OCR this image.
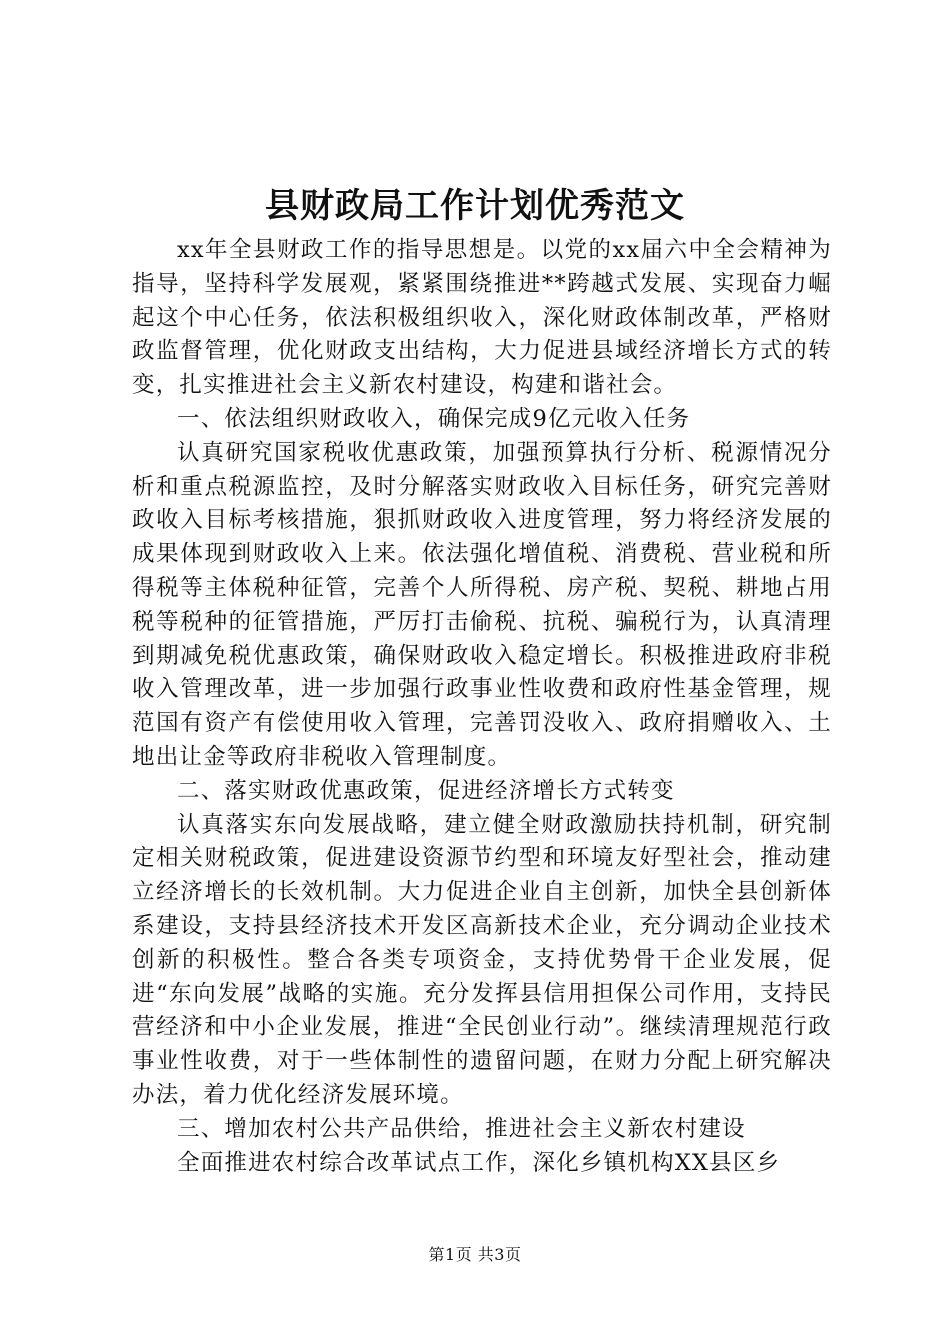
县财政局工作计划优秀范文

xx年全县财政工作的指导思想是。以党的xx届六中全会精神为指导，坚持科学发展观，紧紧围绕推进**跨越式发展、实现奋力崛起这个中心任务，依法积极组织收入，深化财政体制改革，严格财政监督管理，优化财政支出结构，大力促进县域经济增长方式的转变，扎实推进社会主义新农村建设，构建和谐社会。

一、依法组织财政收入，确保完成9亿元收入任务

认真研究国家税收优惠政策，加强预算执行分析、税源情况分析和重点税源监控，及时分解落实财政收入目标任务，研究完善财政收入目标考核措施，狠抓财政收入进度管理，努力将经济发展的成果体现到财政收入上来。依法强化增值税、消费税、营业税和所得税等主体税种征管，完善个人所得税、房产税、契税、耕地占用税等税种的征管措施，严厉打击偷税、抗税、骗税行为，认真清理到期减免税优惠政策，确保财政收入稳定增长。积极推进政府非税收入管理改革，进一步加强行政事业性收费和政府性基金管理，规范国有资产有偿使用收入管理，完善罚没收入、政府捐赠收入、土地出让金等政府非税收入管理制度。

二、落实财政优惠政策，促进经济增长方式转变

认真落实东向发展战略，建立健全财政激励扶持机制，研究制定相关财税政策，促进建设资源节约型和环境友好型社会，推动建立经济增长的长效机制。大力促进企业自主创新，加快全县创新体系建设，支持县经济技术开发区高新技术企业，充分调动企业技术创新的积极性。整合各类专项资金，支持优势骨干企业发展，促进“东向发展”战略的实施。充分发挥县信用担保公司作用，支持民营经济和中小企业发展，推进“全民创业行动”。继续清理规范行政事业性收费，对于一些体制性的遗留问题，在财力分配上研究解决办法，着力优化经济发展环境。

三、增加农村公共产品供给，推进社会主义新农村建设

全面推进农村综合改革试点工作，深化乡镇机构XX县区乡

第1页 共3页
